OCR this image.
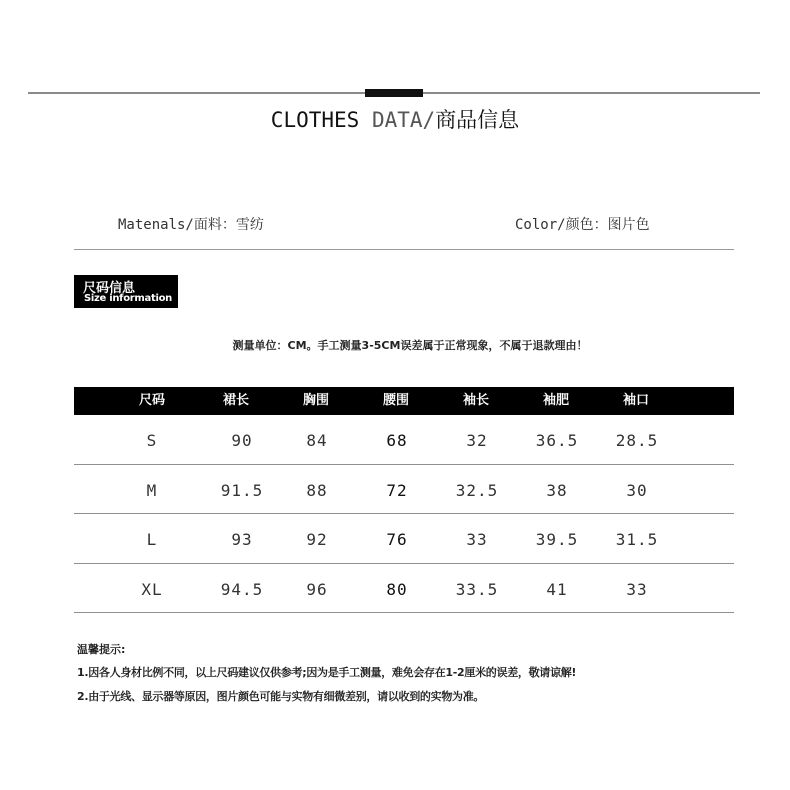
CLOTHES DATA/商品信息
Matenals/面料：雪纺	Color/颜色：图片色
尺码信息
Size information
测量单位：CM。手工测量3-5CM误差属于正常现象，不属于退款理由！
尺码	裙长	胸围	腰围	袖长	袖肥	袖口
S	90	84	68	32	36.5	28.5
M	91.5	88	72	32.5	38	30
L	93	92	76	33	39.5	31.5
XL	94.5	96	80	33.5	41	33
温馨提示:
1.因各人身材比例不同，以上尺码建议仅供参考;因为是手工测量，难免会存在1-2厘米的误差，敬请谅解!
2.由于光线、显示器等原因，图片颜色可能与实物有细微差别，请以收到的实物为准。
